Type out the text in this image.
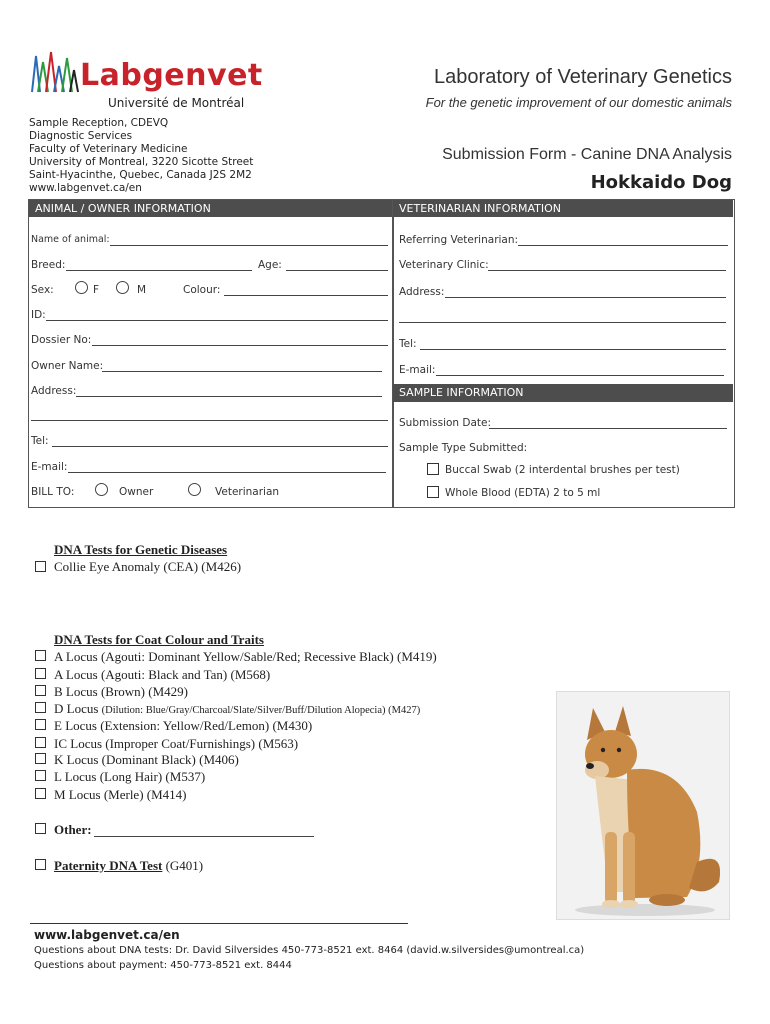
Labgenvet
Université de Montréal
Laboratory of Veterinary Genetics
For the genetic improvement of our domestic animals
Sample Reception, CDEVQ
Diagnostic Services
Faculty of Veterinary Medicine
University of Montreal, 3220 Sicotte Street
Saint-Hyacinthe, Quebec, Canada J2S 2M2
www.labgenvet.ca/en
Submission Form - Canine DNA Analysis
Hokkaido Dog
ANIMAL / OWNER INFORMATION	VETERINARIAN INFORMATION
Name of animal:
Breed:	Age:
Sex:	F	M	Colour:
ID:
Dossier No:
Owner Name:
Address:
Tel:
E-mail:
BILL TO:	Owner	Veterinarian
Referring Veterinarian:
Veterinary Clinic:
Address:
Tel:
E-mail:
SAMPLE INFORMATION
Submission Date:
Sample Type Submitted:
Buccal Swab (2 interdental brushes per test)
Whole Blood (EDTA) 2 to 5 ml
DNA Tests for Genetic Diseases
Collie Eye Anomaly (CEA) (M426)
DNA Tests for Coat Colour and Traits
A Locus (Agouti: Dominant Yellow/Sable/Red; Recessive Black) (M419)
A Locus (Agouti: Black and Tan) (M568)
B Locus (Brown) (M429)
D Locus (Dilution: Blue/Gray/Charcoal/Slate/Silver/Buff/Dilution Alopecia) (M427)
E Locus (Extension: Yellow/Red/Lemon) (M430)
IC Locus (Improper Coat/Furnishings) (M563)
K Locus (Dominant Black) (M406)
L Locus (Long Hair) (M537)
M Locus (Merle) (M414)
Other:
Paternity DNA Test (G401)
www.labgenvet.ca/en
Questions about DNA tests: Dr. David Silversides 450-773-8521 ext. 8464 (david.w.silversides@umontreal.ca)
Questions about payment: 450-773-8521 ext. 8444
